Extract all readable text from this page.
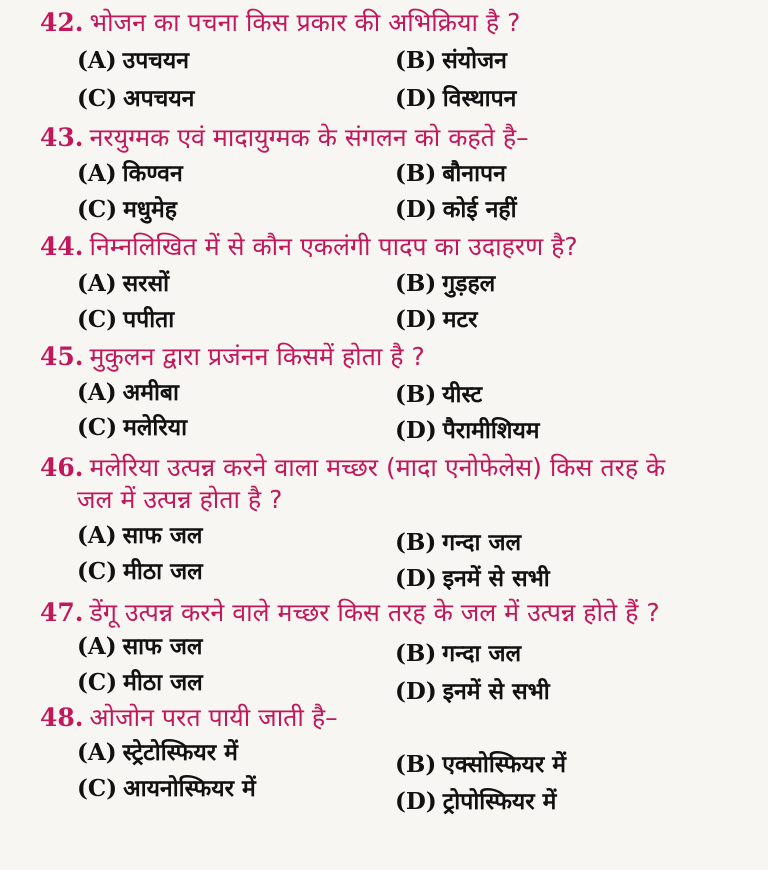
42. भोजन का पचना किस प्रकार की अभिक्रिया है ?
(A) उपचयन	(B) संयोजन
(C) अपचयन	(D) विस्थापन
43. नरयुग्मक एवं मादायुग्मक के संगलन को कहते है–
(A) किण्वन	(B) बौनापन
(C) मधुमेह	(D) कोई नहीं
44. निम्नलिखित में से कौन एकलंगी पादप का उदाहरण है?
(A) सरसों	(B) गुड़हल
(C) पपीता	(D) मटर
45. मुकुलन द्वारा प्रजंनन किसमें होता है ?
(A) अमीबा	(B) यीस्ट
(C) मलेरिया	(D) पैरामीशियम
46. मलेरिया उत्पन्न करने वाला मच्छर (मादा एनोफेलेस) किस तरह के
जल में उत्पन्न होता है ?
(A) साफ जल	(B) गन्दा जल
(C) मीठा जल	(D) इनमें से सभी
47. डेंगू उत्पन्न करने वाले मच्छर किस तरह के जल में उत्पन्न होते हैं ?
(A) साफ जल	(B) गन्दा जल
(C) मीठा जल	(D) इनमें से सभी
48. ओजोन परत पायी जाती है–
(A) स्ट्रेटोस्फियर में	(B) एक्सोस्फियर में
(C) आयनोस्फियर में	(D) ट्रोपोस्फियर में
